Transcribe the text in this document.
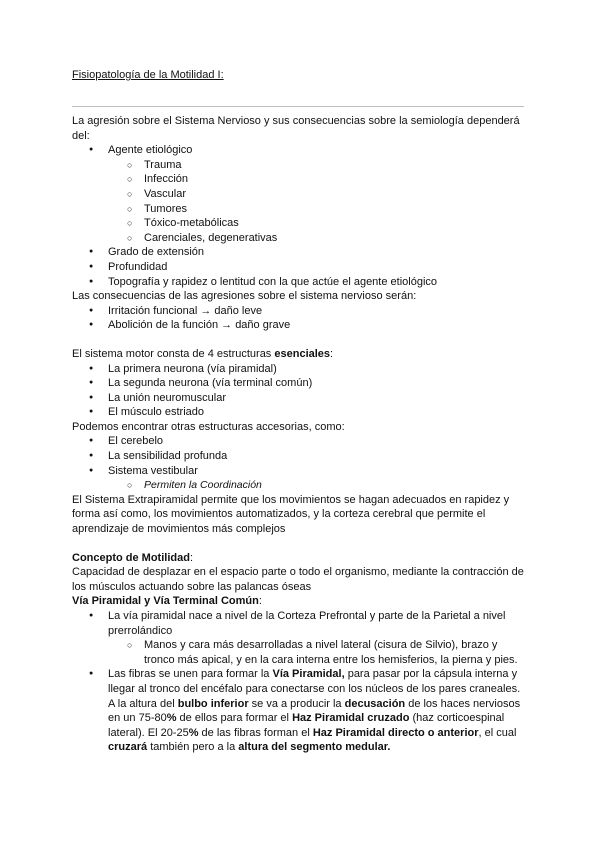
Fisiopatología de la Motilidad I:

La agresión sobre el Sistema Nervioso y sus consecuencias sobre la semiología dependerá del:

● Agente etiológico
○ Trauma
○ Infección
○ Vascular
○ Tumores
○ Tóxico-metabólicas
○ Carenciales, degenerativas
● Grado de extensión
● Profundidad
● Topografía y rapidez o lentitud con la que actúe el agente etiológico

Las consecuencias de las agresiones sobre el sistema nervioso serán:

● Irritación funcional → daño leve
● Abolición de la función → daño grave

El sistema motor consta de 4 estructuras esenciales:

● La primera neurona (vía piramidal)
● La segunda neurona (vía terminal común)
● La unión neuromuscular
● El músculo estriado

Podemos encontrar otras estructuras accesorias, como:

● El cerebelo
● La sensibilidad profunda
● Sistema vestibular
○ Permiten la Coordinación

El Sistema Extrapiramidal permite que los movimientos se hagan adecuados en rapidez y forma así como, los movimientos automatizados, y la corteza cerebral que permite el aprendizaje de movimientos más complejos

Concepto de Motilidad:

Capacidad de desplazar en el espacio parte o todo el organismo, mediante la contracción de los músculos actuando sobre las palancas óseas

Vía Piramidal y Vía Terminal Común:

● La vía piramidal nace a nivel de la Corteza Prefrontal y parte de la Parietal a nivel prerrolándico
○ Manos y cara más desarrolladas a nivel lateral (cisura de Silvio), brazo y tronco más apical, y en la cara interna entre los hemisferios, la pierna y pies.
● Las fibras se unen para formar la Vía Piramidal, para pasar por la cápsula interna y llegar al tronco del encéfalo para conectarse con los núcleos de los pares craneales. A la altura del bulbo inferior se va a producir la decusación de los haces nerviosos en un 75-80% de ellos para formar el Haz Piramidal cruzado (haz corticoespinal lateral). El 20-25% de las fibras forman el Haz Piramidal directo o anterior, el cual cruzará también pero a la altura del segmento medular.
